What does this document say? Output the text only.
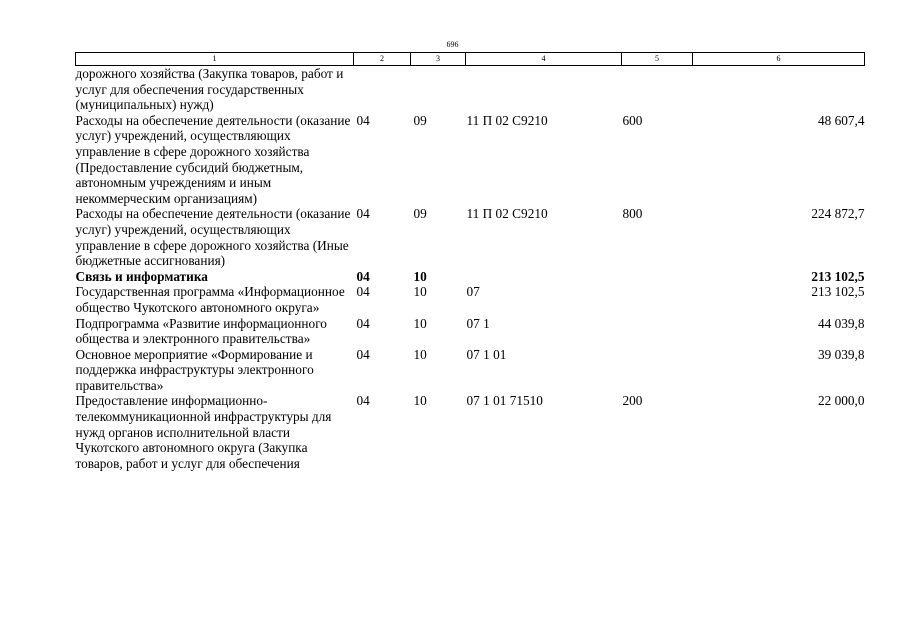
696
1	2	3	4	5	6
дорожного хозяйства (Закупка товаров, работ и услуг для обеспечения государственных (муниципальных) нужд)					
Расходы на обеспечение деятельности (оказание услуг) учреждений, осуществляющих управление в сфере дорожного хозяйства (Предоставление субсидий бюджетным, автономным учреждениям и иным некоммерческим организациям)	04	09	11 П 02 С9210	600	48 607,4
Расходы на обеспечение деятельности (оказание услуг) учреждений, осуществляющих управление в сфере дорожного хозяйства (Иные бюджетные ассигнования)	04	09	11 П 02 С9210	800	224 872,7
Связь и информатика	04	10			213 102,5
Государственная программа «Информационное общество Чукотского автономного округа»	04	10	07		213 102,5
Подпрограмма «Развитие информационного общества и электронного правительства»	04	10	07 1		44 039,8
Основное мероприятие «Формирование и поддержка инфраструктуры электронного правительства»	04	10	07 1 01		39 039,8
Предоставление информационно-телекоммуникационной инфраструктуры для нужд органов исполнительной власти Чукотского автономного округа (Закупка товаров, работ и услуг для обеспечения	04	10	07 1 01 71510	200	22 000,0
